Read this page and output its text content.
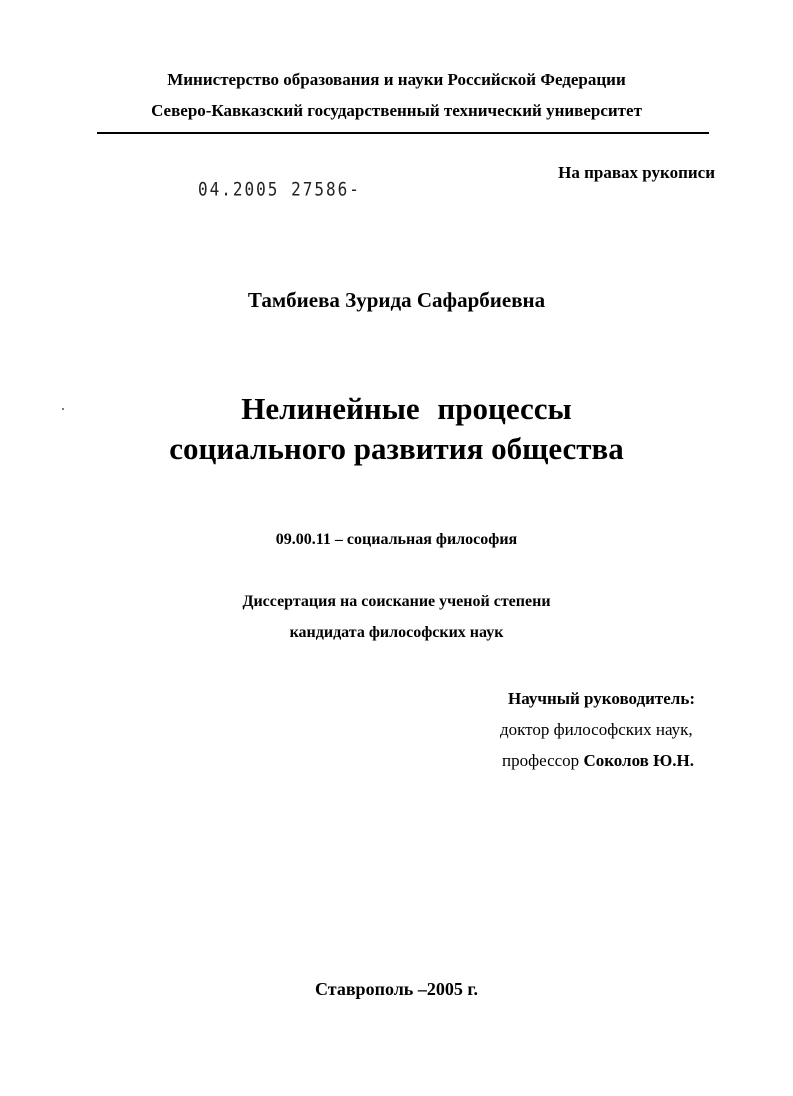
Министерство образования и науки Российской Федерации
Северо-Кавказский государственный технический университет
04.2005 27586-
На правах рукописи
Тамбиева Зурида Сафарбиевна
Нелинейные процессы
социального развития общества
09.00.11 – социальная философия
Диссертация на соискание ученой степени
кандидата философских наук
Научный руководитель:
доктор философских наук,
профессор Соколов Ю.Н.
Ставрополь –2005 г.
